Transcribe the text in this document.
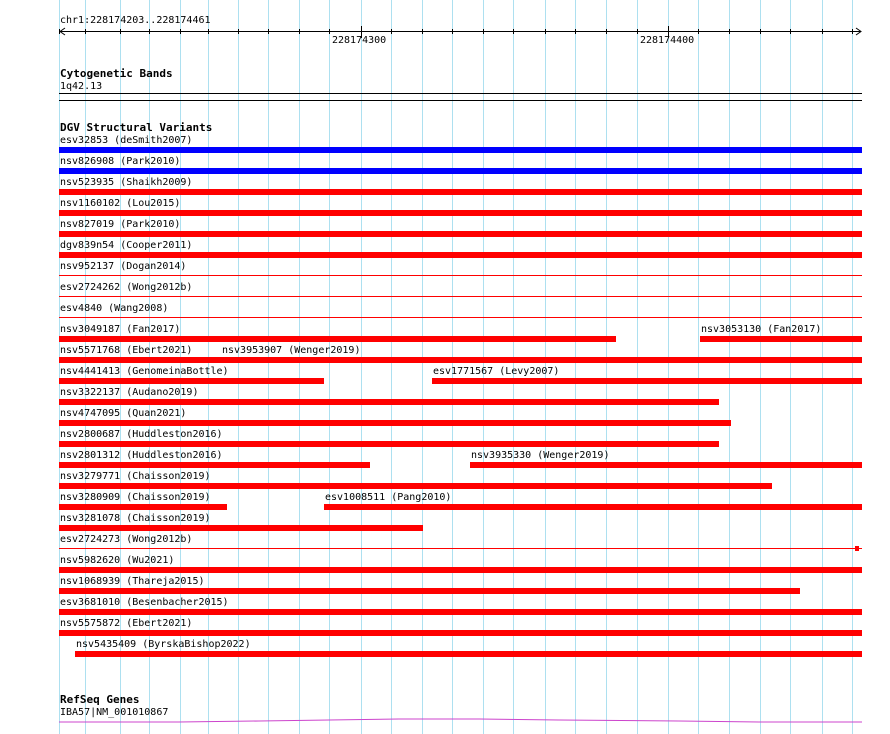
chr1:228174203..228174461
228174300	228174400
Cytogenetic Bands
1q42.13
DGV Structural Variants
esv32853 (deSmith2007)
nsv826908 (Park2010)
nsv523935 (Shaikh2009)
nsv1160102 (Lou2015)
nsv827019 (Park2010)
dgv839n54 (Cooper2011)
nsv952137 (Dogan2014)
esv2724262 (Wong2012b)
esv4840 (Wang2008)
nsv3049187 (Fan2017)	nsv3053130 (Fan2017)
nsv5571768 (Ebert2021)	nsv3953907 (Wenger2019)
nsv4441413 (GenomeinaBottle)	esv1771567 (Levy2007)
nsv3322137 (Audano2019)
nsv4747095 (Quan2021)
nsv2800687 (Huddleston2016)
nsv2801312 (Huddleston2016)	nsv3935330 (Wenger2019)
nsv3279771 (Chaisson2019)
nsv3280909 (Chaisson2019)	esv1008511 (Pang2010)
nsv3281078 (Chaisson2019)
esv2724273 (Wong2012b)
nsv5982620 (Wu2021)
nsv1068939 (Thareja2015)
esv3681010 (Besenbacher2015)
nsv5575872 (Ebert2021)
nsv5435409 (ByrskaBishop2022)
RefSeq Genes
IBA57|NM_001010867
